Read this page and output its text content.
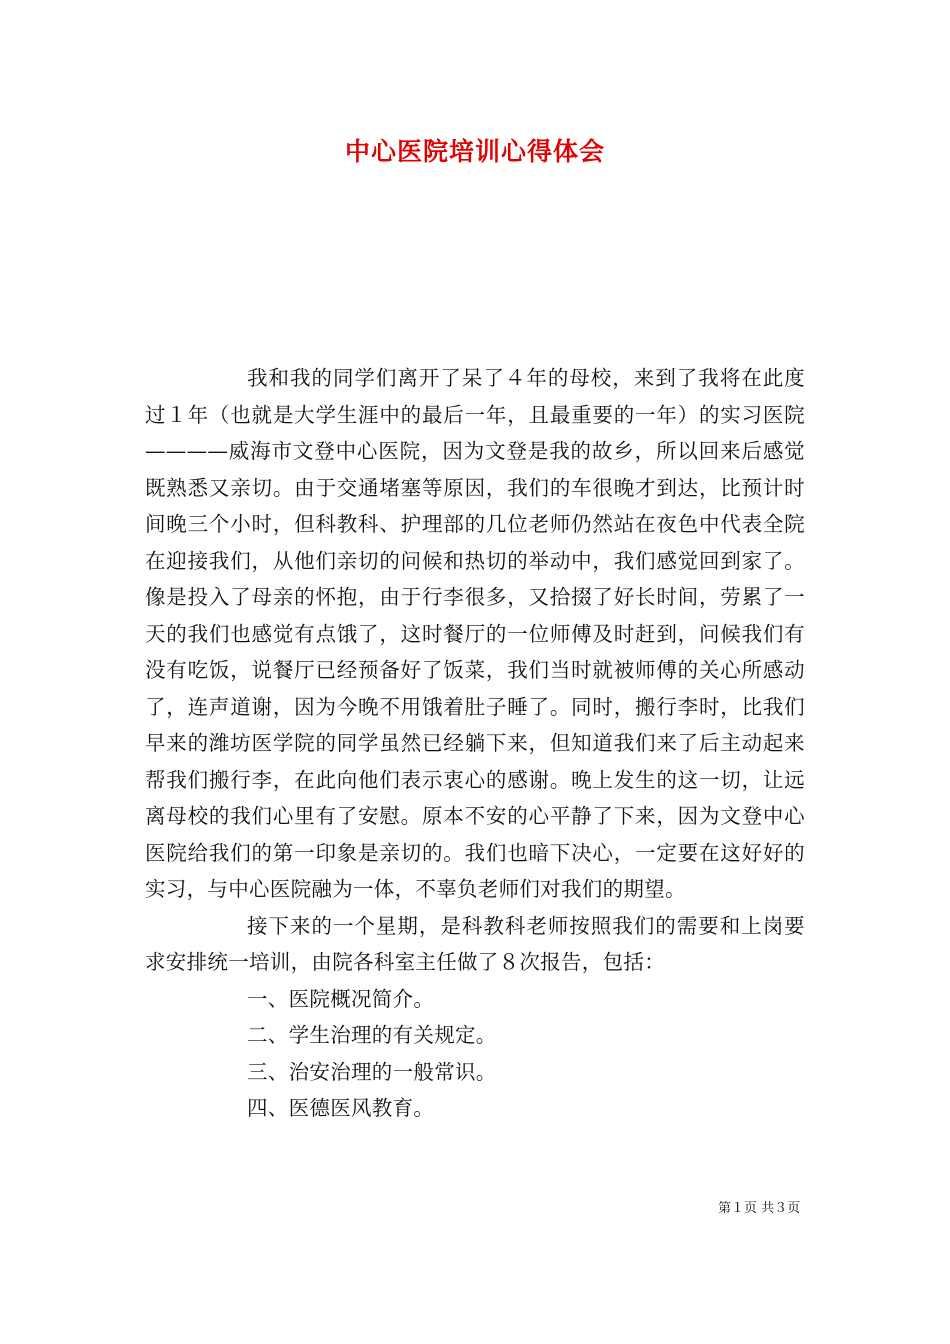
中心医院培训心得体会

我和我的同学们离开了呆了４年的母校，来到了我将在此度过１年（也就是大学生涯中的最后一年，且最重要的一年）的实习医院————威海市文登中心医院，因为文登是我的故乡，所以回来后感觉既熟悉又亲切。由于交通堵塞等原因，我们的车很晚才到达，比预计时间晚三个小时，但科教科、护理部的几位老师仍然站在夜色中代表全院在迎接我们，从他们亲切的问候和热切的举动中，我们感觉回到家了。像是投入了母亲的怀抱，由于行李很多，又拾掇了好长时间，劳累了一天的我们也感觉有点饿了，这时餐厅的一位师傅及时赶到，问候我们有没有吃饭，说餐厅已经预备好了饭菜，我们当时就被师傅的关心所感动了，连声道谢，因为今晚不用饿着肚子睡了。同时，搬行李时，比我们早来的潍坊医学院的同学虽然已经躺下来，但知道我们来了后主动起来帮我们搬行李，在此向他们表示衷心的感谢。晚上发生的这一切，让远离母校的我们心里有了安慰。原本不安的心平静了下来，因为文登中心医院给我们的第一印象是亲切的。我们也暗下决心，一定要在这好好的实习，与中心医院融为一体，不辜负老师们对我们的期望。

接下来的一个星期，是科教科老师按照我们的需要和上岗要求安排统一培训，由院各科室主任做了８次报告，包括：

一、医院概况简介。

二、学生治理的有关规定。

三、治安治理的一般常识。

四、医德医风教育。

第１页 共３页
